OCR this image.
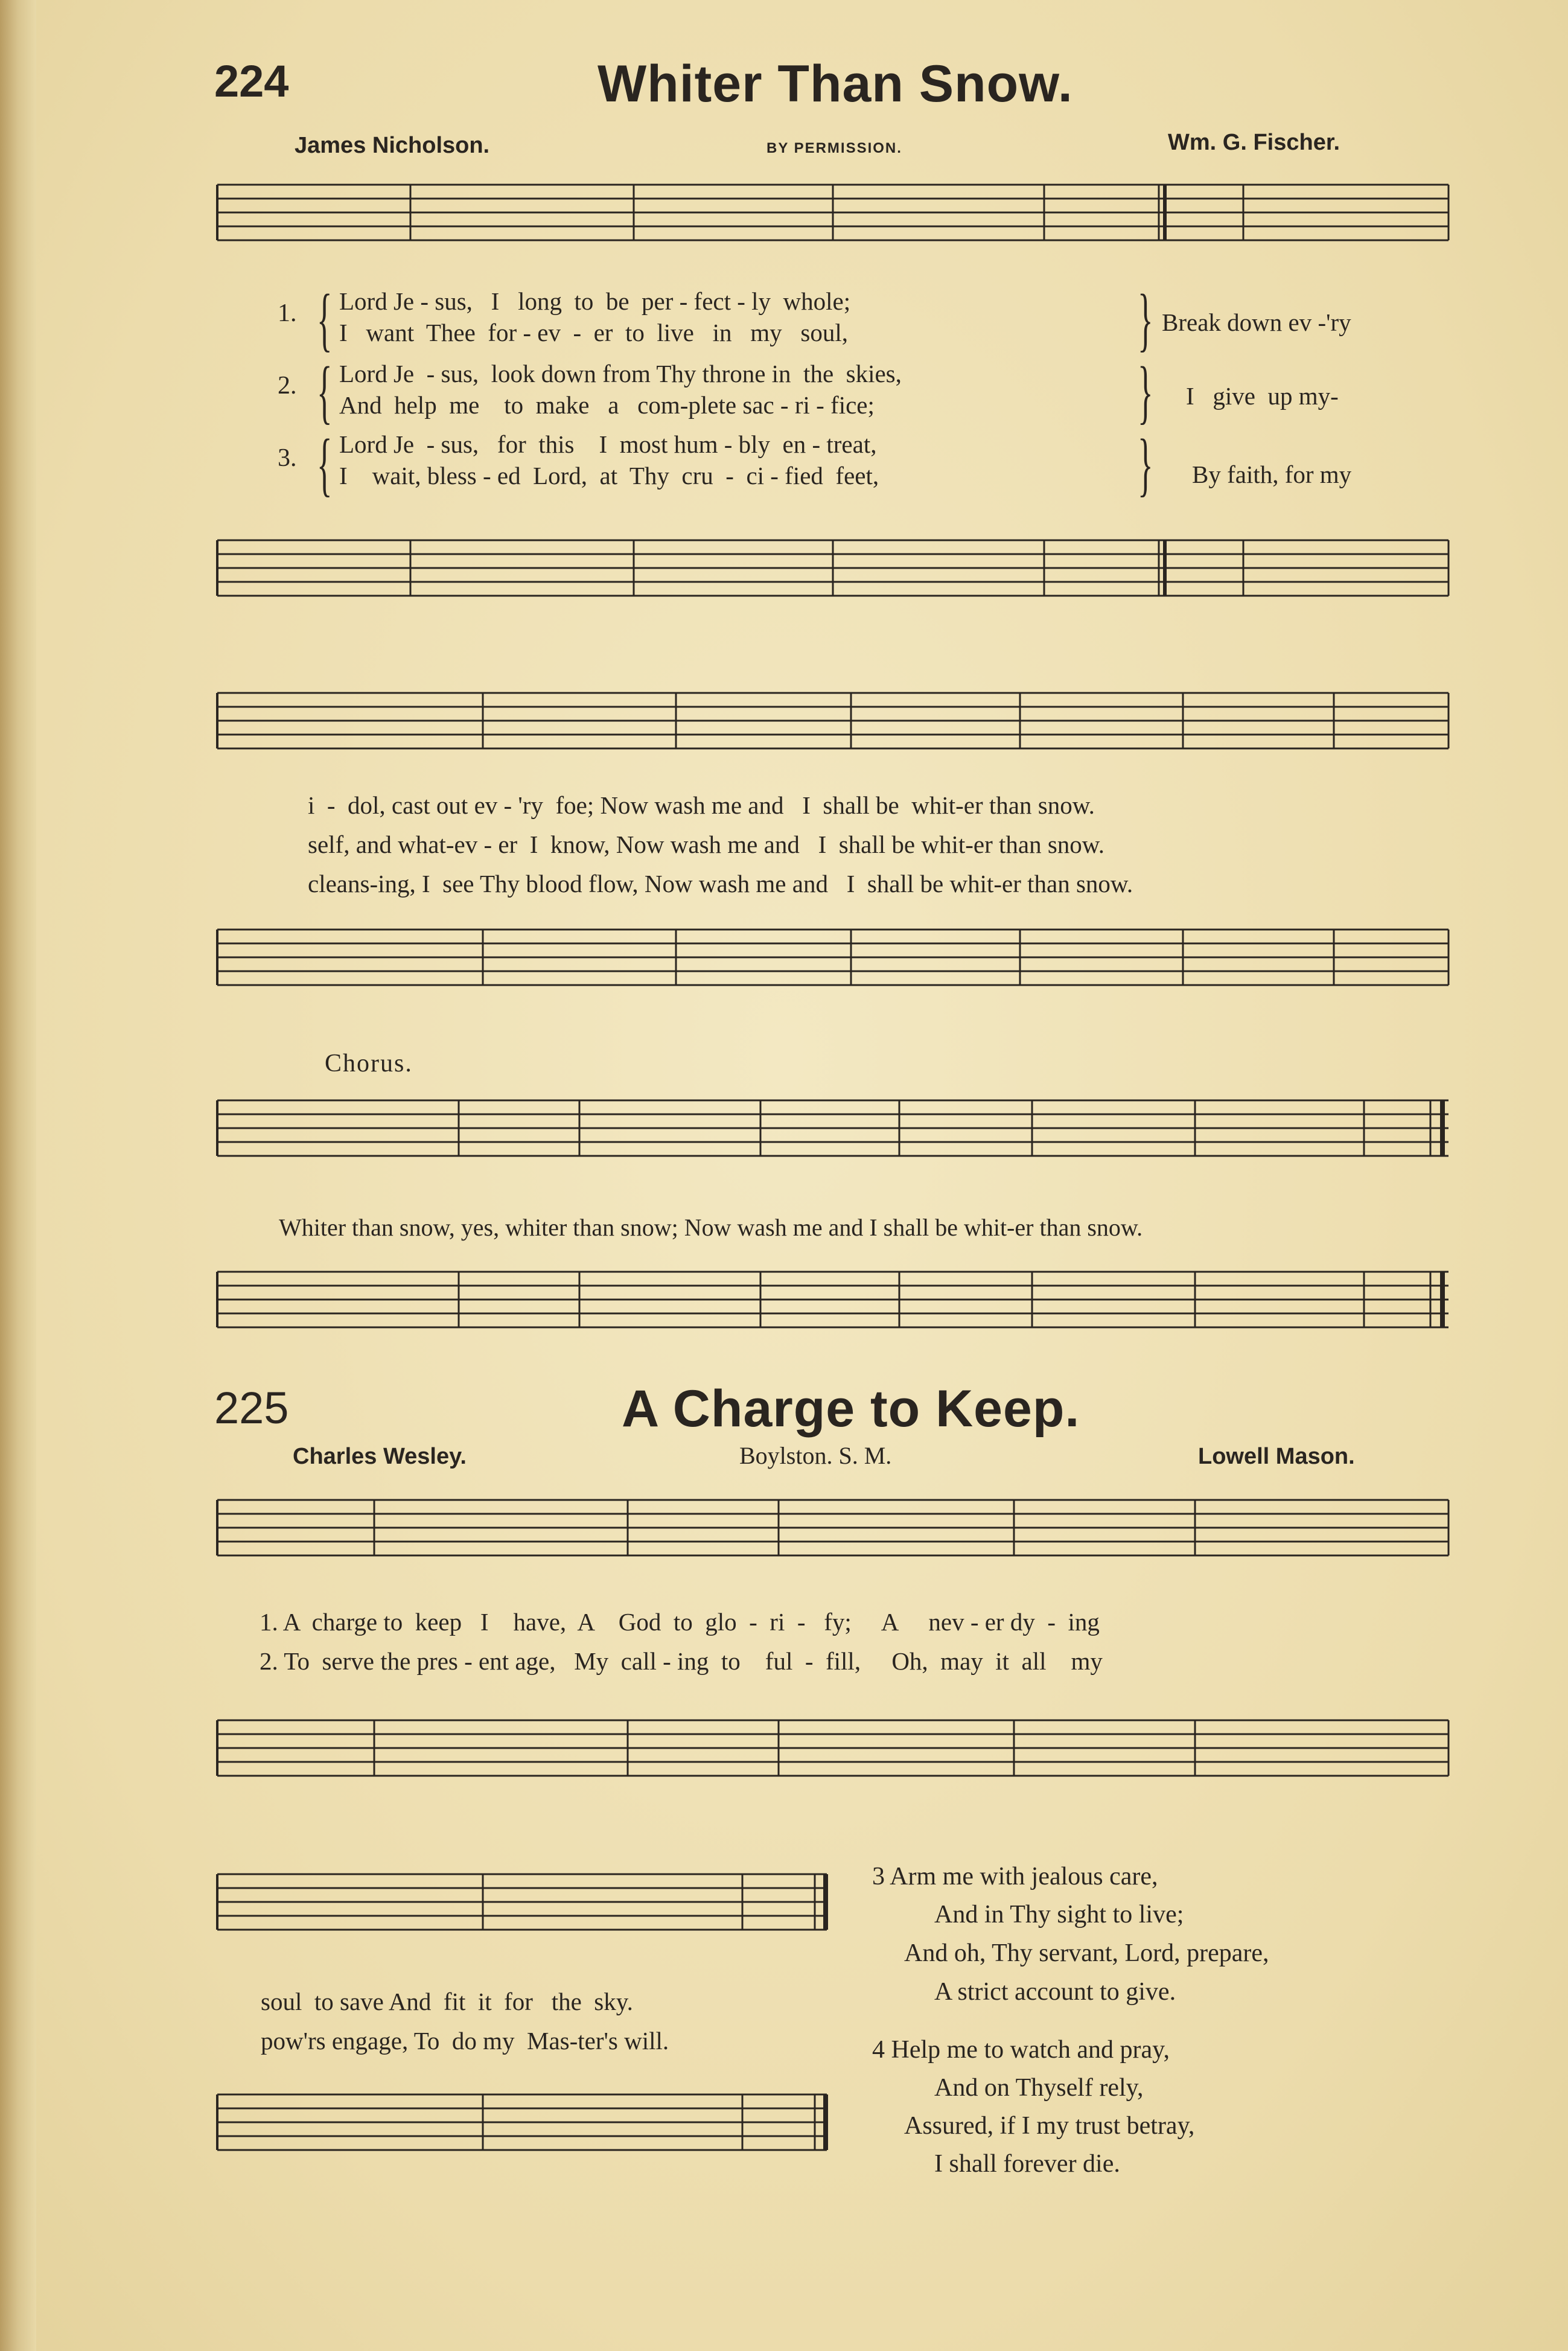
224	Whiter Than Snow.
James Nicholson.	BY PERMISSION.	Wm. G. Fischer.
1. { Lord Je - sus,   I   long  to  be  per - fect - ly  whole;
I   want  Thee  for - ev  -  er  to  live   in   my   soul,	} Break down ev -'ry
2. { Lord Je  - sus,  look down from Thy throne in  the  skies,
And  help  me    to  make   a   com-plete sac - ri - fice;	} I   give  up my-
3. { Lord Je  - sus,   for  this    I  most hum - bly  en - treat,
I    wait, bless - ed  Lord,  at  Thy  cru  -  ci - fied  feet,	} By faith, for my
i  -  dol, cast out ev - 'ry  foe; Now wash me and   I  shall be  whit-er than snow.
self, and what-ev - er  I  know, Now wash me and   I  shall be whit-er than snow.
cleans-ing, I  see Thy blood flow, Now wash me and   I  shall be whit-er than snow.
Chorus.
Whiter than snow, yes, whiter than snow; Now wash me and I shall be whit-er than snow.
225	A Charge to Keep.
Charles Wesley.	Boylston. S. M.	Lowell Mason.
1. A  charge to  keep   I    have,  A    God  to  glo  -  ri  -   fy;     A     nev - er dy  -  ing
2. To  serve the pres - ent age,   My  call - ing  to    ful  -  fill,     Oh,  may  it  all    my
soul  to save And  fit  it  for   the  sky.
pow'rs engage, To  do my  Mas-ter's will.
3 Arm me with jealous care,
And in Thy sight to live;
And oh, Thy servant, Lord, prepare,
A strict account to give.
4 Help me to watch and pray,
And on Thyself rely,
Assured, if I my trust betray,
I shall forever die.
